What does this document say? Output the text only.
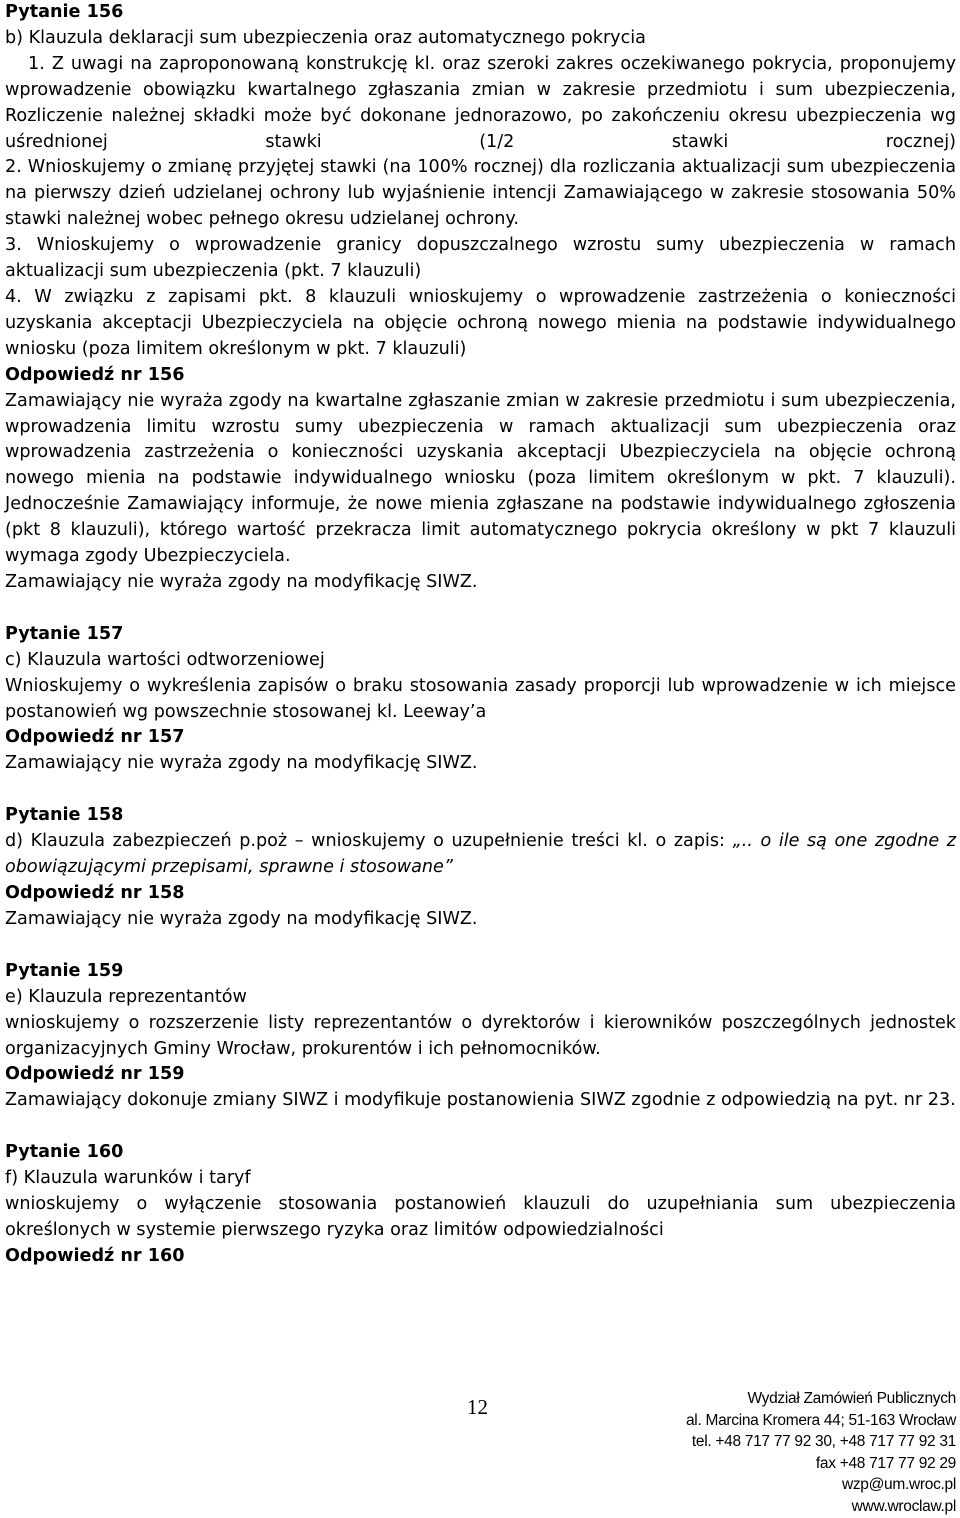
Pytanie 156

b) Klauzula deklaracji sum ubezpieczenia oraz automatycznego pokrycia

1. Z uwagi na zaproponowaną konstrukcję kl. oraz szeroki zakres oczekiwanego pokrycia, proponujemy wprowadzenie obowiązku kwartalnego zgłaszania zmian w zakresie przedmiotu i sum ubezpieczenia, Rozliczenie należnej składki może być dokonane jednorazowo, po zakończeniu okresu ubezpieczenia wg uśrednionej stawki (1/2 stawki rocznej)

2. Wnioskujemy o zmianę przyjętej stawki (na 100% rocznej) dla rozliczania aktualizacji sum ubezpieczenia na pierwszy dzień udzielanej ochrony lub wyjaśnienie intencji Zamawiającego w zakresie stosowania 50% stawki należnej wobec pełnego okresu udzielanej ochrony.

3. Wnioskujemy o wprowadzenie granicy dopuszczalnego wzrostu sumy ubezpieczenia w ramach aktualizacji sum ubezpieczenia (pkt. 7 klauzuli)

4. W związku z zapisami pkt. 8 klauzuli wnioskujemy o wprowadzenie zastrzeżenia o konieczności uzyskania akceptacji Ubezpieczyciela na objęcie ochroną nowego mienia na podstawie indywidualnego wniosku (poza limitem określonym w pkt. 7 klauzuli)

Odpowiedź nr 156

Zamawiający nie wyraża zgody na kwartalne zgłaszanie zmian w zakresie przedmiotu i sum ubezpieczenia, wprowadzenia limitu wzrostu sumy ubezpieczenia w ramach aktualizacji sum ubezpieczenia oraz wprowadzenia zastrzeżenia o konieczności uzyskania akceptacji Ubezpieczyciela na objęcie ochroną nowego mienia na podstawie indywidualnego wniosku (poza limitem określonym w pkt. 7 klauzuli). Jednocześnie Zamawiający informuje, że nowe mienia zgłaszane na podstawie indywidualnego zgłoszenia (pkt 8 klauzuli), którego wartość przekracza limit automatycznego pokrycia określony w pkt 7 klauzuli wymaga zgody Ubezpieczyciela.

Zamawiający nie wyraża zgody na modyfikację SIWZ.

Pytanie 157

c) Klauzula wartości odtworzeniowej

Wnioskujemy o wykreślenia zapisów o braku stosowania zasady proporcji lub wprowadzenie w ich miejsce postanowień wg powszechnie stosowanej kl. Leeway’a

Odpowiedź nr 157

Zamawiający nie wyraża zgody na modyfikację SIWZ.

Pytanie 158

d) Klauzula zabezpieczeń p.poż – wnioskujemy o uzupełnienie treści kl. o zapis: „.. o ile są one zgodne z obowiązującymi przepisami, sprawne i stosowane”

Odpowiedź nr 158

Zamawiający nie wyraża zgody na modyfikację SIWZ.

Pytanie 159

e) Klauzula reprezentantów

wnioskujemy o rozszerzenie listy reprezentantów o dyrektorów i kierowników poszczególnych jednostek organizacyjnych Gminy Wrocław, prokurentów i ich pełnomocników.

Odpowiedź nr 159

Zamawiający dokonuje zmiany SIWZ i modyfikuje postanowienia SIWZ zgodnie z odpowiedzią na pyt. nr 23.

Pytanie 160

f) Klauzula warunków i taryf

wnioskujemy o wyłączenie stosowania postanowień klauzuli do uzupełniania sum ubezpieczenia określonych w systemie pierwszego ryzyka oraz limitów odpowiedzialności

Odpowiedź nr 160

12	Wydział Zamówień Publicznych
al. Marcina Kromera 44; 51-163 Wrocław
tel. +48 717 77 92 30, +48 717 77 92 31
fax +48 717 77 92 29
wzp@um.wroc.pl
www.wroclaw.pl
